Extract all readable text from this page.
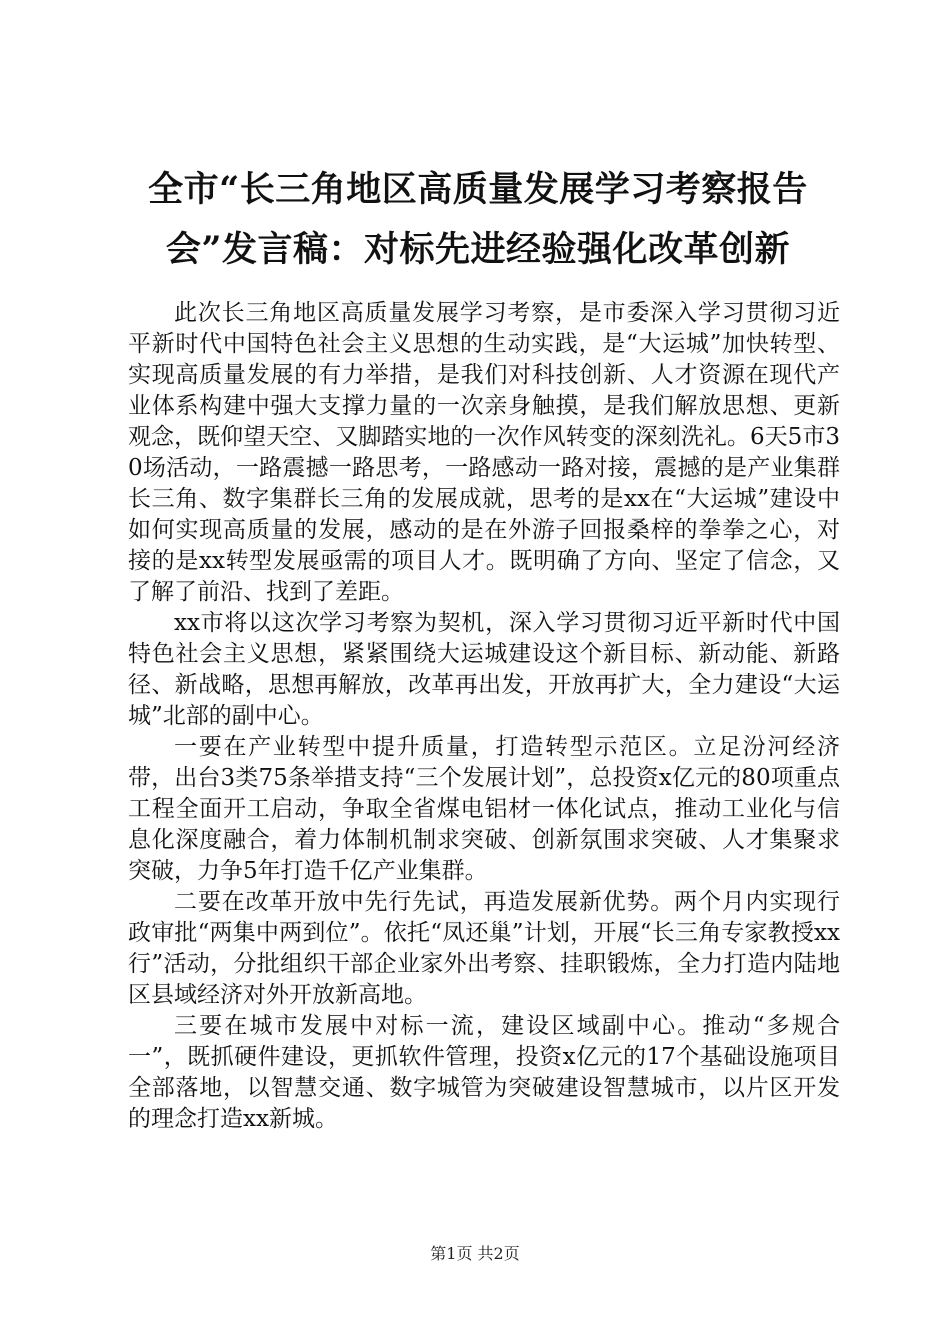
全市“长三角地区高质量发展学习考察报告
会”发言稿：对标先进经验强化改革创新

此次长三角地区高质量发展学习考察，是市委深入学习贯彻习近平新时代中国特色社会主义思想的生动实践，是“大运城”加快转型、实现高质量发展的有力举措，是我们对科技创新、人才资源在现代产业体系构建中强大支撑力量的一次亲身触摸，是我们解放思想、更新观念，既仰望天空、又脚踏实地的一次作风转变的深刻洗礼。6天5市30场活动，一路震撼一路思考，一路感动一路对接，震撼的是产业集群长三角、数字集群长三角的发展成就，思考的是xx在“大运城”建设中如何实现高质量的发展，感动的是在外游子回报桑梓的拳拳之心，对接的是xx转型发展亟需的项目人才。既明确了方向、坚定了信念，又了解了前沿、找到了差距。

xx市将以这次学习考察为契机，深入学习贯彻习近平新时代中国特色社会主义思想，紧紧围绕大运城建设这个新目标、新动能、新路径、新战略，思想再解放，改革再出发，开放再扩大，全力建设“大运城”北部的副中心。

一要在产业转型中提升质量，打造转型示范区。立足汾河经济带，出台3类75条举措支持“三个发展计划”，总投资x亿元的80项重点工程全面开工启动，争取全省煤电铝材一体化试点，推动工业化与信息化深度融合，着力体制机制求突破、创新氛围求突破、人才集聚求突破，力争5年打造千亿产业集群。

二要在改革开放中先行先试，再造发展新优势。两个月内实现行政审批“两集中两到位”。依托“凤还巢”计划，开展“长三角专家教授xx行”活动，分批组织干部企业家外出考察、挂职锻炼，全力打造内陆地区县域经济对外开放新高地。

三要在城市发展中对标一流，建设区域副中心。推动“多规合一”，既抓硬件建设，更抓软件管理，投资x亿元的17个基础设施项目全部落地，以智慧交通、数字城管为突破建设智慧城市，以片区开发的理念打造xx新城。

第1页 共2页
